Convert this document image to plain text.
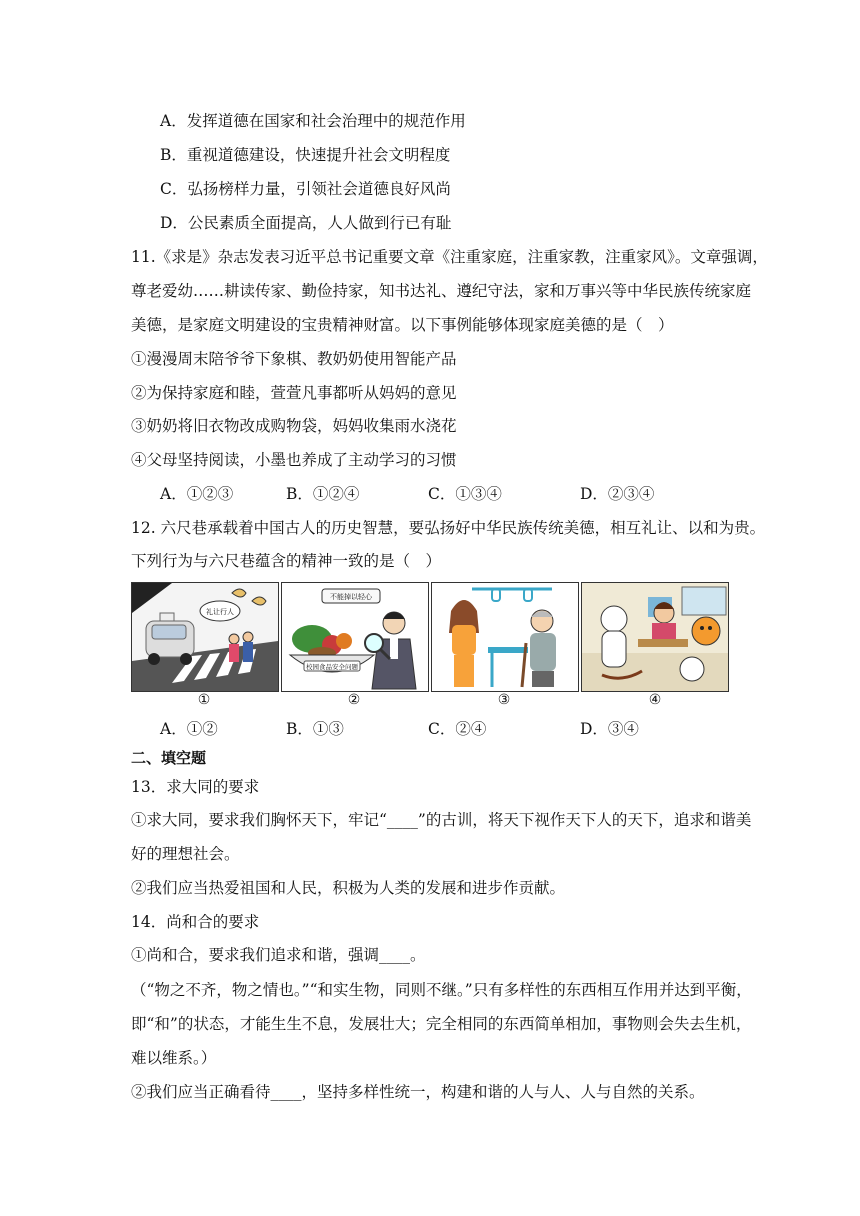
A．发挥道德在国家和社会治理中的规范作用
B．重视道德建设，快速提升社会文明程度
C．弘扬榜样力量，引领社会道德良好风尚
D．公民素质全面提高，人人做到行已有耻
11.《求是》杂志发表习近平总书记重要文章《注重家庭，注重家教，注重家风》。文章强调，
尊老爱幼……耕读传家、勤俭持家，知书达礼、遵纪守法，家和万事兴等中华民族传统家庭
美德，是家庭文明建设的宝贵精神财富。以下事例能够体现家庭美德的是（　）
①漫漫周末陪爷爷下象棋、教奶奶使用智能产品
②为保持家庭和睦，萱萱凡事都听从妈妈的意见
③奶奶将旧衣物改成购物袋，妈妈收集雨水浇花
④父母坚持阅读，小墨也养成了主动学习的习惯
A．①②③	B．①②④	C．①③④	D．②③④
12. 六尺巷承载着中国古人的历史智慧，要弘扬好中华民族传统美德，相互礼让、以和为贵。
下列行为与六尺巷蕴含的精神一致的是（　）
礼让行人
不能掉以轻心
校园食品安全问题
①	②	③	④
A．①②	B．①③	C．②④	D．③④
二、填空题
13．求大同的要求
①求大同，要求我们胸怀天下，牢记“____”的古训，将天下视作天下人的天下，追求和谐美
好的理想社会。
②我们应当热爱祖国和人民，积极为人类的发展和进步作贡献。
14．尚和合的要求
①尚和合，要求我们追求和谐，强调____。
（“物之不齐，物之情也。”“和实生物，同则不继。”只有多样性的东西相互作用并达到平衡，
即“和”的状态，才能生生不息，发展壮大；完全相同的东西简单相加，事物则会失去生机，
难以维系。）
②我们应当正确看待____，坚持多样性统一，构建和谐的人与人、人与自然的关系。
